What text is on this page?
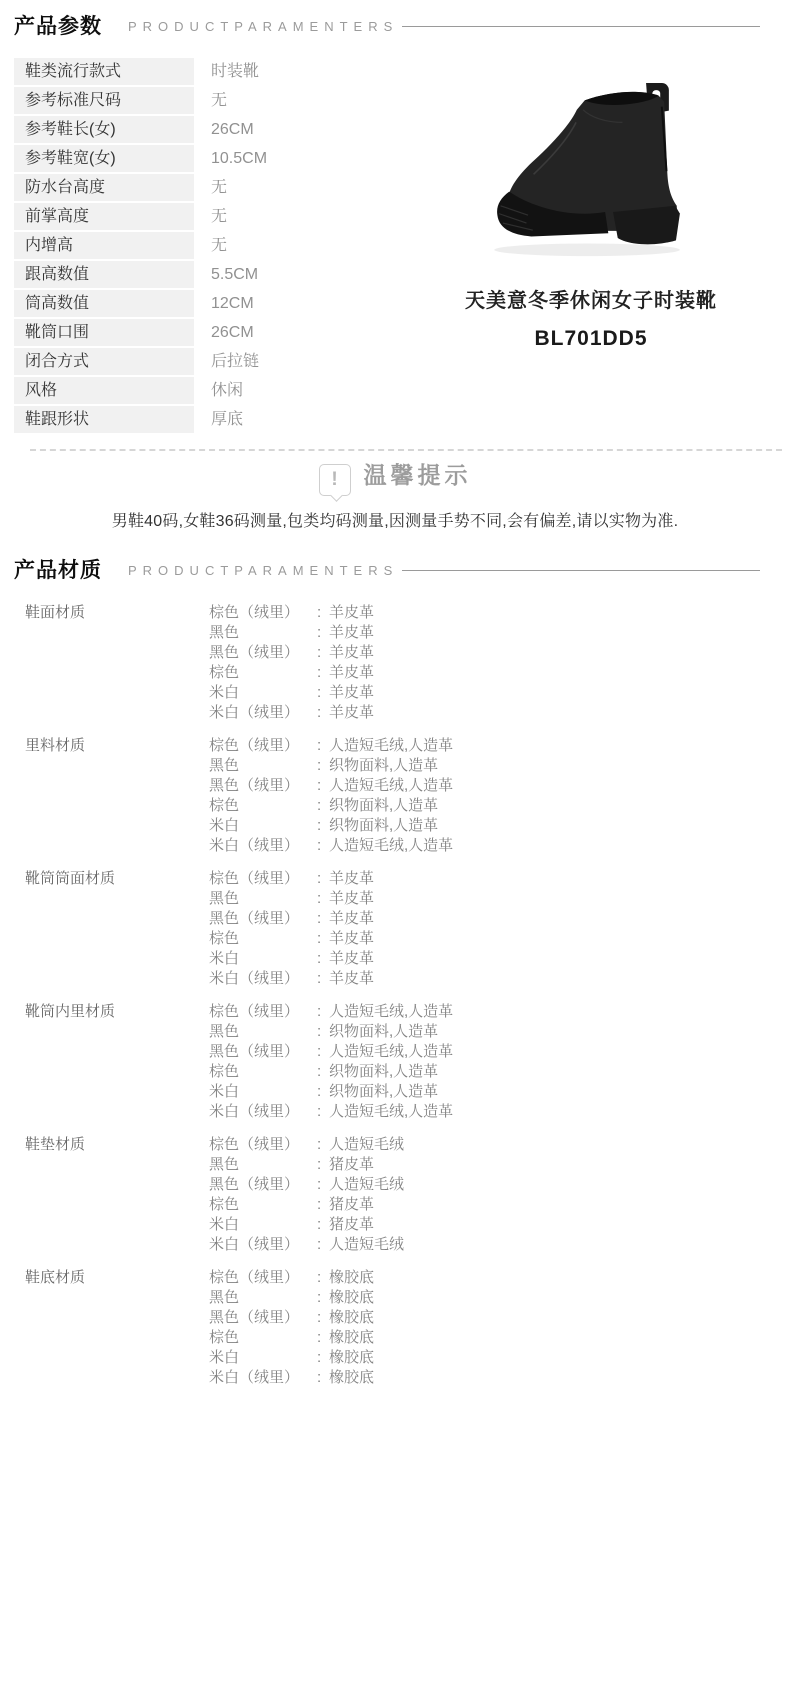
产品参数 PRODUCTPARAMENTERS
鞋类流行款式	时装靴
参考标准尺码	无
参考鞋长(女)	26CM
参考鞋宽(女)	10.5CM
防水台高度	无
前掌高度	无
内增高	无
跟高数值	5.5CM
筒高数值	12CM
靴筒口围	26CM
闭合方式	后拉链
风格	休闲
鞋跟形状	厚底
天美意冬季休闲女子时装靴
BL701DD5
!	温馨提示
男鞋40码,女鞋36码测量,包类均码测量,因测量手势不同,会有偏差,请以实物为准.
产品材质 PRODUCTPARAMENTERS
鞋面材质	棕色（绒里）	: 羊皮革
黑色	: 羊皮革
黑色（绒里）	: 羊皮革
棕色	: 羊皮革
米白	: 羊皮革
米白（绒里）	: 羊皮革
里料材质	棕色（绒里）	: 人造短毛绒,人造革
黑色	: 织物面料,人造革
黑色（绒里）	: 人造短毛绒,人造革
棕色	: 织物面料,人造革
米白	: 织物面料,人造革
米白（绒里）	: 人造短毛绒,人造革
靴筒筒面材质	棕色（绒里）	: 羊皮革
黑色	: 羊皮革
黑色（绒里）	: 羊皮革
棕色	: 羊皮革
米白	: 羊皮革
米白（绒里）	: 羊皮革
靴筒内里材质	棕色（绒里）	: 人造短毛绒,人造革
黑色	: 织物面料,人造革
黑色（绒里）	: 人造短毛绒,人造革
棕色	: 织物面料,人造革
米白	: 织物面料,人造革
米白（绒里）	: 人造短毛绒,人造革
鞋垫材质	棕色（绒里）	: 人造短毛绒
黑色	: 猪皮革
黑色（绒里）	: 人造短毛绒
棕色	: 猪皮革
米白	: 猪皮革
米白（绒里）	: 人造短毛绒
鞋底材质	棕色（绒里）	: 橡胶底
黑色	: 橡胶底
黑色（绒里）	: 橡胶底
棕色	: 橡胶底
米白	: 橡胶底
米白（绒里）	: 橡胶底
